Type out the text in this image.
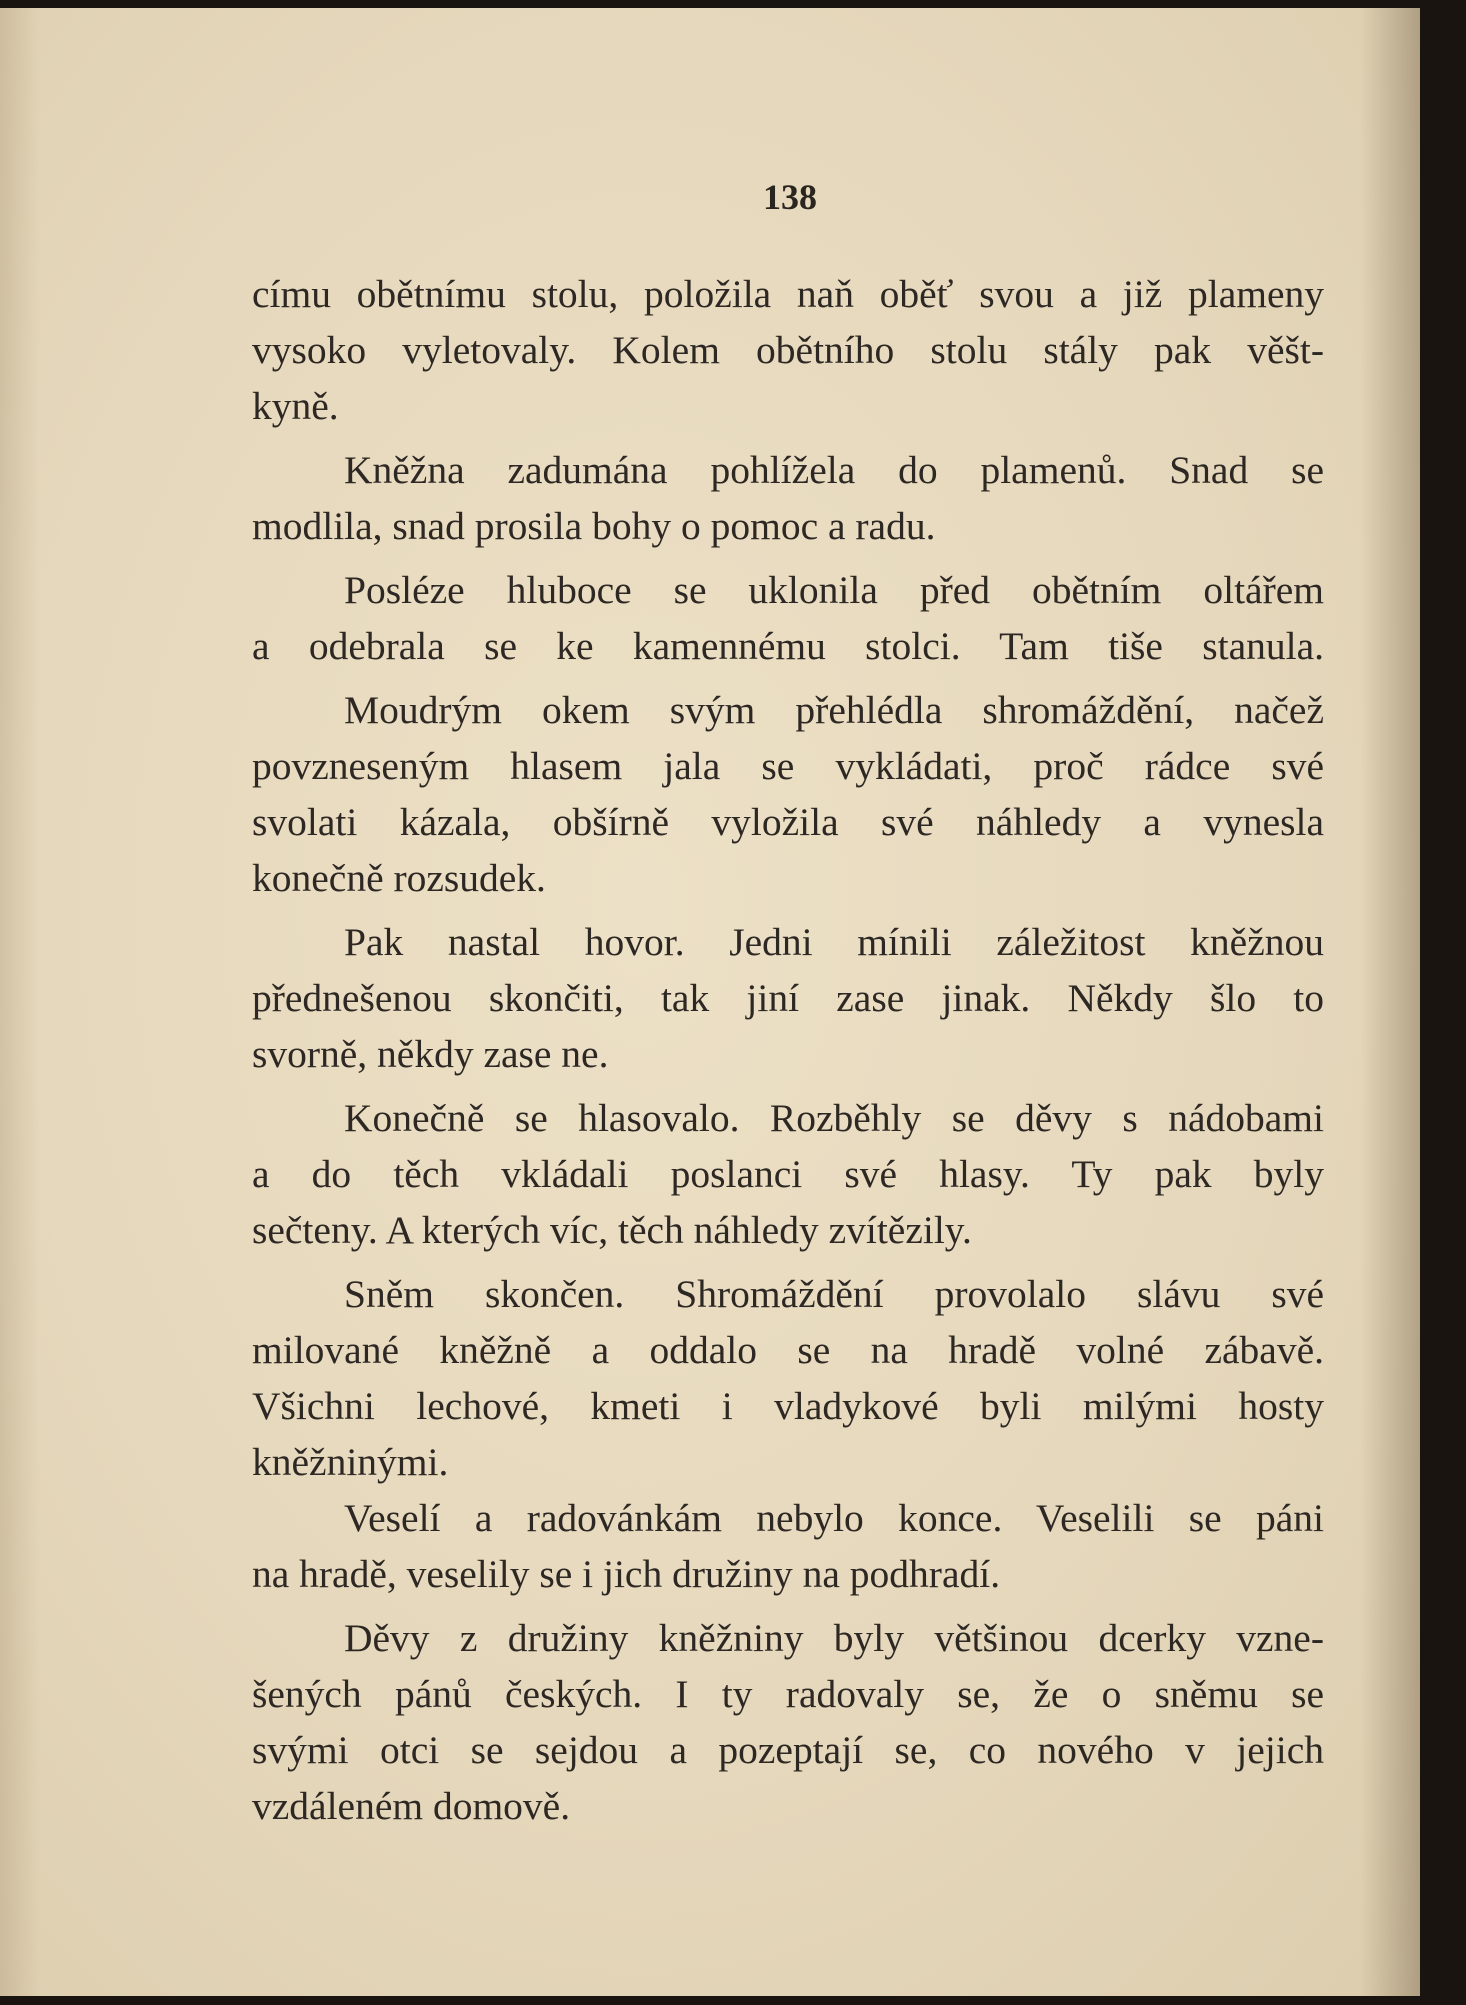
138
címu obětnímu stolu, položila naň oběť svou a již plameny
vysoko vyletovaly. Kolem obětního stolu stály pak věšt-
kyně.
Kněžna zadumána pohlížela do plamenů. Snad se
modlila, snad prosila bohy o pomoc a radu.
Posléze hluboce se uklonila před obětním oltářem
a odebrala se ke kamennému stolci. Tam tiše stanula.
Moudrým okem svým přehlédla shromáždění, načež
povzneseným hlasem jala se vykládati, proč rádce své
svolati kázala, obšírně vyložila své náhledy a vynesla
konečně rozsudek.
Pak nastal hovor. Jedni mínili záležitost kněžnou
přednešenou skončiti, tak jiní zase jinak. Někdy šlo to
svorně, někdy zase ne.
Konečně se hlasovalo. Rozběhly se děvy s nádobami
a do těch vkládali poslanci své hlasy. Ty pak byly
sečteny. A kterých víc, těch náhledy zvítězily.
Sněm skončen. Shromáždění provolalo slávu své
milované kněžně a oddalo se na hradě volné zábavě.
Všichni lechové, kmeti i vladykové byli milými hosty
kněžninými.
Veselí a radovánkám nebylo konce. Veselili se páni
na hradě, veselily se i jich družiny na podhradí.
Děvy z družiny kněžniny byly většinou dcerky vzne-
šených pánů českých. I ty radovaly se, že o sněmu se
svými otci se sejdou a pozeptají se, co nového v jejich
vzdáleném domově.
